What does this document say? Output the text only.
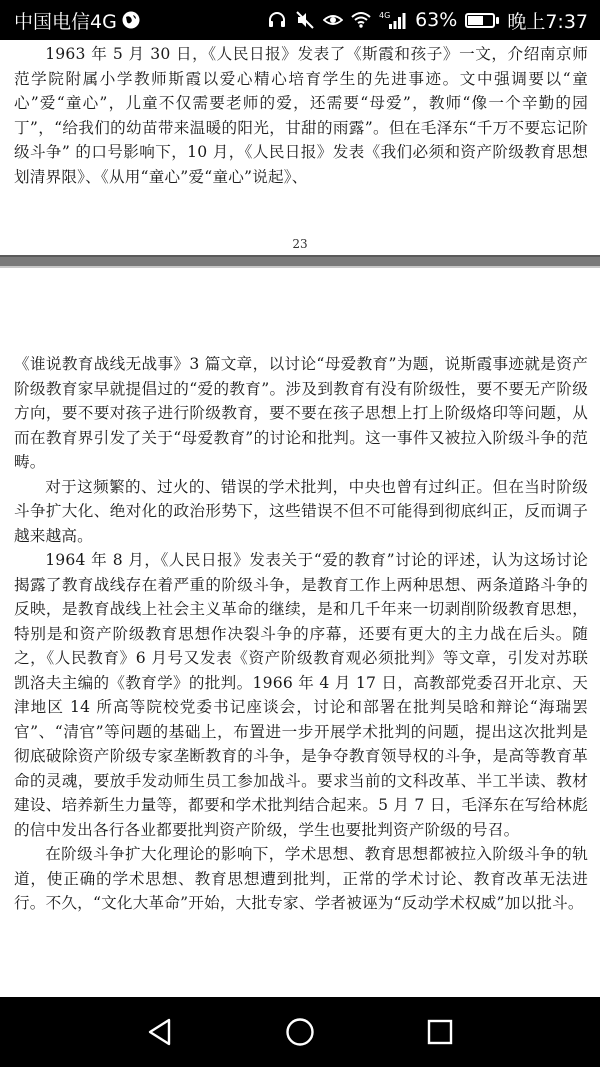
中国电信4G	4G 63%	晚上7:37

1963 年 5 月 30 日，《人民日报》发表了《斯霞和孩子》一文，介绍南京师范学院附属小学教师斯霞以爱心精心培育学生的先进事迹。文中强调要以“童心”爱“童心”，儿童不仅需要老师的爱，还需要“母爱”，教师“像一个辛勤的园丁”，“给我们的幼苗带来温暖的阳光，甘甜的雨露”。但在毛泽东“千万不要忘记阶级斗争” 的口号影响下，10 月，《人民日报》发表《我们必须和资产阶级教育思想划清界限》、《从用“童心”爱“童心”说起》、

23

《谁说教育战线无战事》3 篇文章，以讨论“母爱教育”为题，说斯霞事迹就是资产阶级教育家早就提倡过的“爱的教育”。涉及到教育有没有阶级性，要不要无产阶级方向，要不要对孩子进行阶级教育，要不要在孩子思想上打上阶级烙印等问题，从而在教育界引发了关于“母爱教育”的讨论和批判。这一事件又被拉入阶级斗争的范畴。

对于这频繁的、过火的、错误的学术批判，中央也曾有过纠正。但在当时阶级斗争扩大化、绝对化的政治形势下，这些错误不但不可能得到彻底纠正，反而调子越来越高。

1964 年 8 月，《人民日报》发表关于“爱的教育”讨论的评述，认为这场讨论揭露了教育战线存在着严重的阶级斗争，是教育工作上两种思想、两条道路斗争的反映，是教育战线上社会主义革命的继续，是和几千年来一切剥削阶级教育思想，特别是和资产阶级教育思想作决裂斗争的序幕，还要有更大的主力战在后头。随之，《人民教育》6 月号又发表《资产阶级教育观必须批判》等文章，引发对苏联凯洛夫主编的《教育学》的批判。1966 年 4 月 17 日，高教部党委召开北京、天津地区 14 所高等院校党委书记座谈会，讨论和部署在批判吴晗和辩论“海瑞罢官”、“清官”等问题的基础上，布置进一步开展学术批判的问题，提出这次批判是彻底破除资产阶级专家垄断教育的斗争，是争夺教育领导权的斗争，是高等教育革命的灵魂，要放手发动师生员工参加战斗。要求当前的文科改革、半工半读、教材建设、培养新生力量等，都要和学术批判结合起来。5 月 7 日，毛泽东在写给林彪的信中发出各行各业都要批判资产阶级，学生也要批判资产阶级的号召。

在阶级斗争扩大化理论的影响下，学术思想、教育思想都被拉入阶级斗争的轨道，使正确的学术思想、教育思想遭到批判，正常的学术讨论、教育改革无法进行。不久，“文化大革命”开始，大批专家、学者被诬为“反动学术权威”加以批斗。
